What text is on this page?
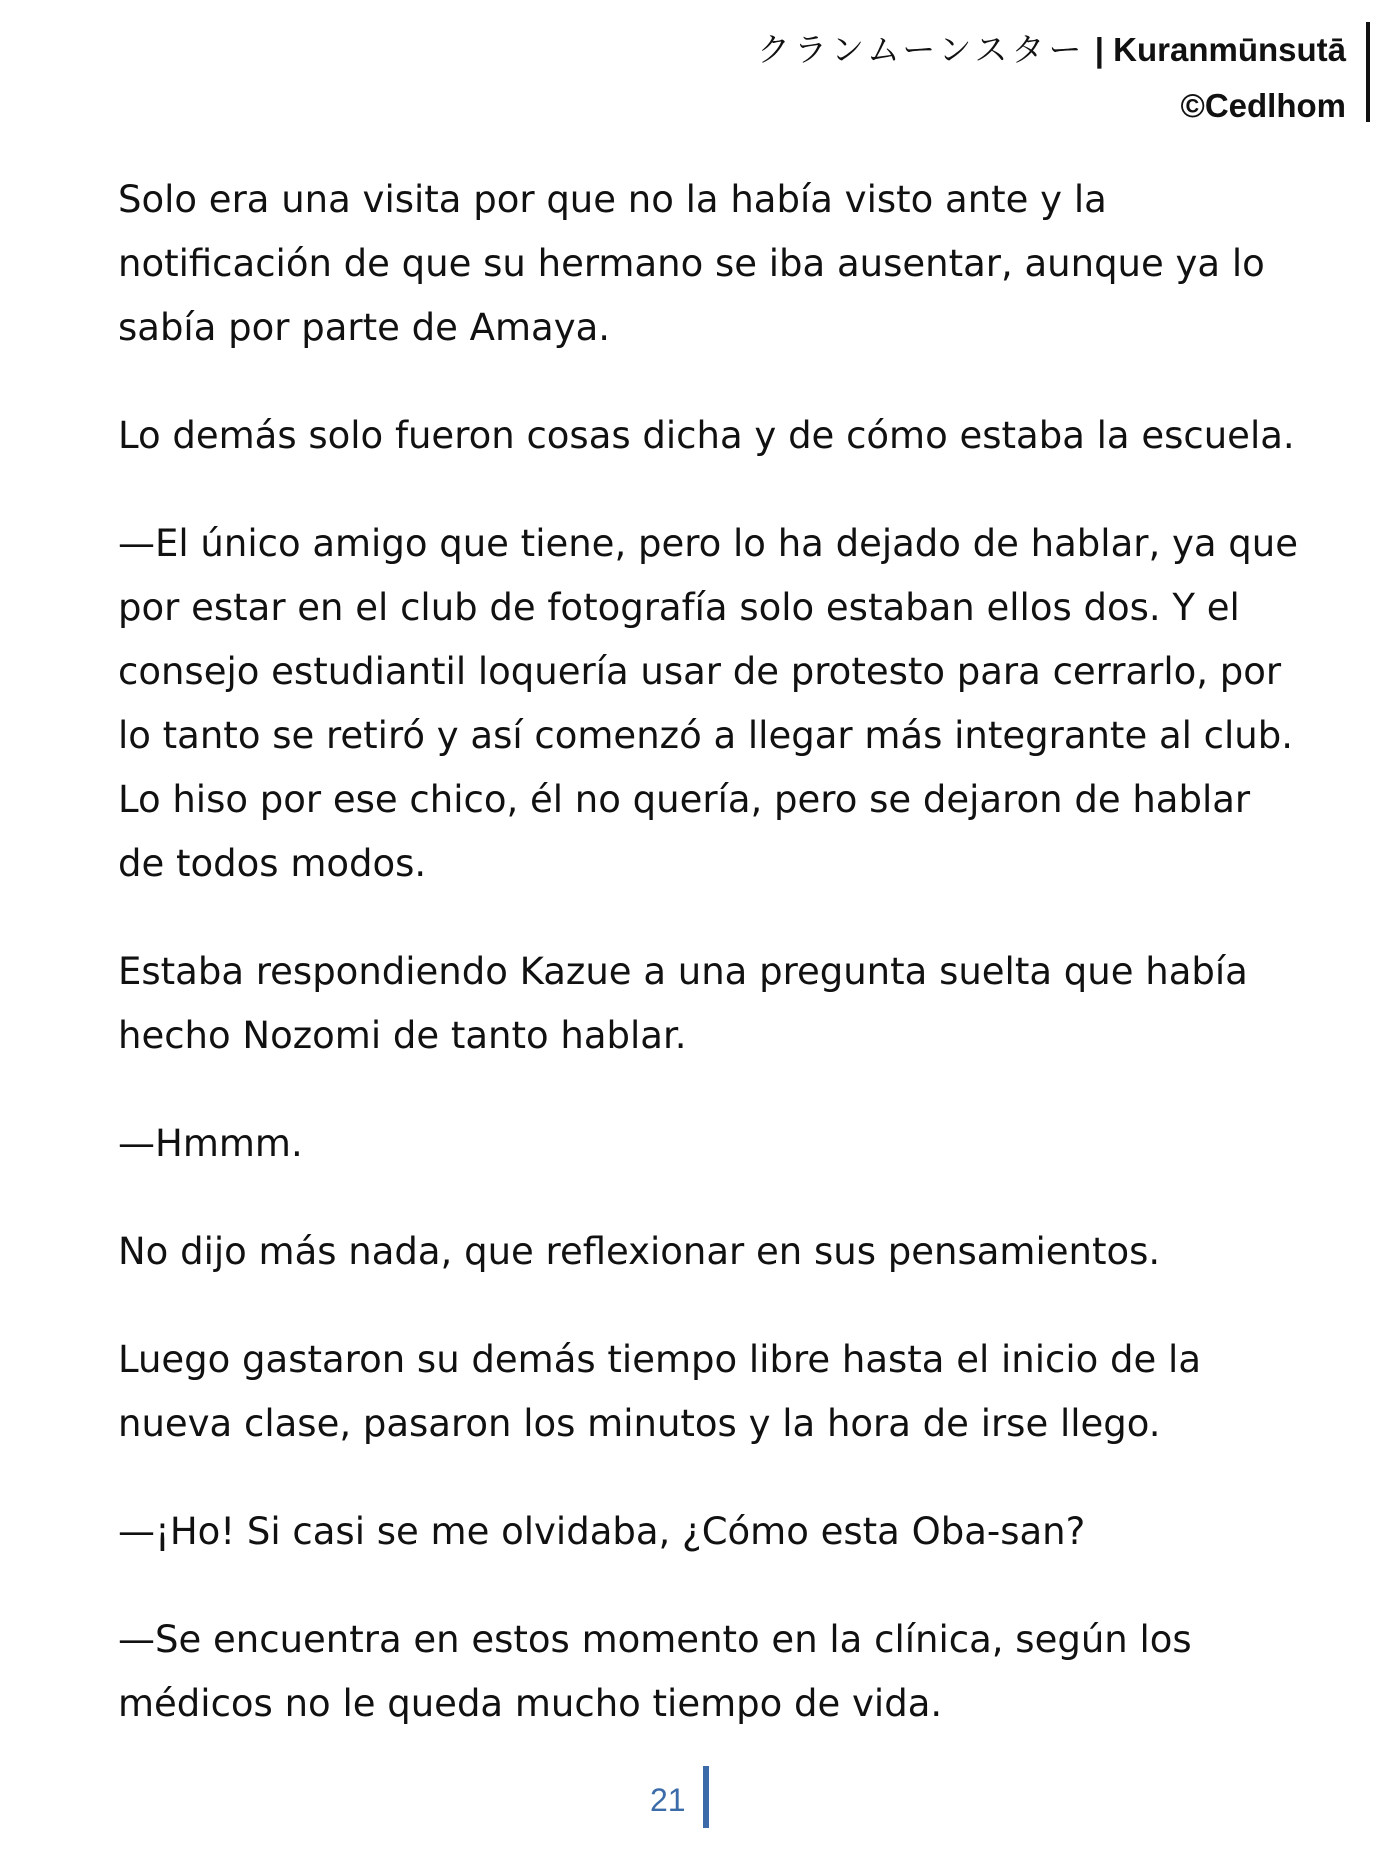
クランムーンスター | Kuranmūnsutā
©Cedlhom

Solo era una visita por que no la había visto ante y la
notificación de que su hermano se iba ausentar, aunque ya lo
sabía por parte de Amaya.

Lo demás solo fueron cosas dicha y de cómo estaba la escuela.

—El único amigo que tiene, pero lo ha dejado de hablar, ya que
por estar en el club de fotografía solo estaban ellos dos. Y el
consejo estudiantil loquería usar de protesto para cerrarlo, por
lo tanto se retiró y así comenzó a llegar más integrante al club.
Lo hiso por ese chico, él no quería, pero se dejaron de hablar
de todos modos.

Estaba respondiendo Kazue a una pregunta suelta que había
hecho Nozomi de tanto hablar.

—Hmmm.

No dijo más nada, que reflexionar en sus pensamientos.

Luego gastaron su demás tiempo libre hasta el inicio de la
nueva clase, pasaron los minutos y la hora de irse llego.

—¡Ho! Si casi se me olvidaba, ¿Cómo esta Oba-san?

—Se encuentra en estos momento en la clínica, según los
médicos no le queda mucho tiempo de vida.

21
